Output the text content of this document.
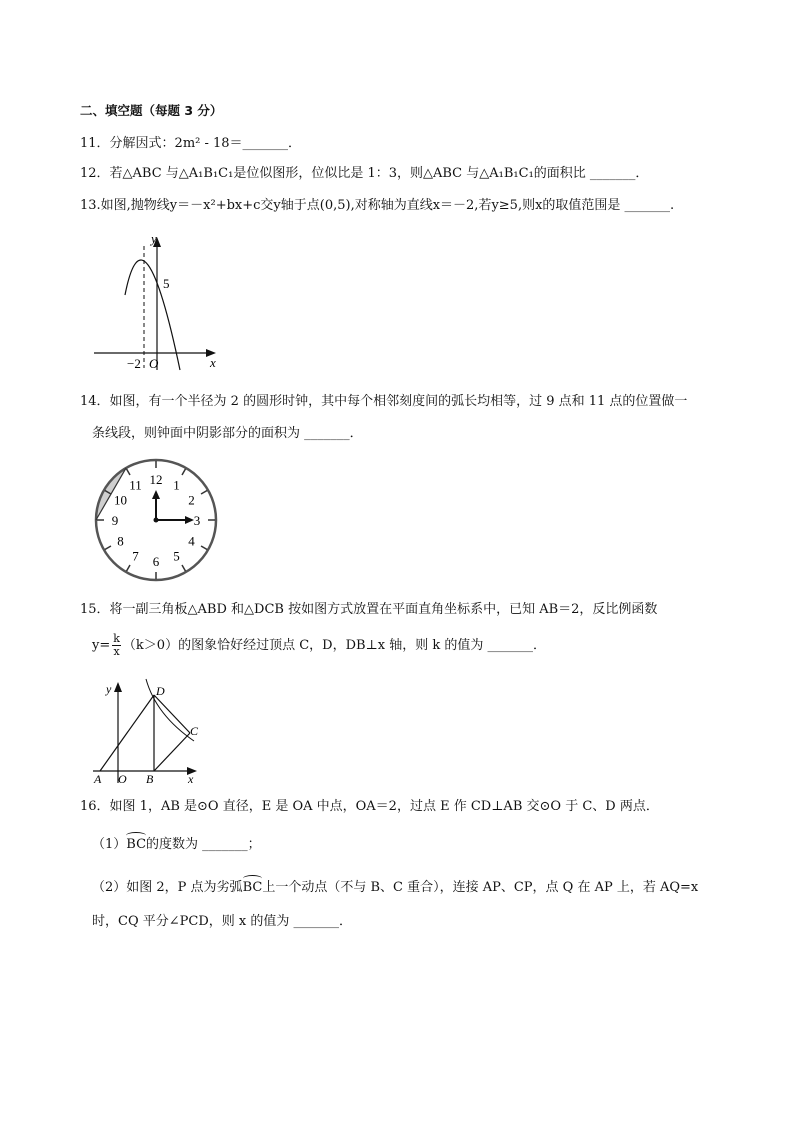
二、填空题（每题 3 分）
11．分解因式：2m² - 18＝_______．
12．若△ABC 与△A₁B₁C₁是位似图形，位似比是 1：3，则△ABC 与△A₁B₁C₁的面积比 _______．
13.如图,抛物线y＝－x²+bx+c交y轴于点(0,5),对称轴为直线x＝－2,若y≥5,则x的取值范围是 _______.
y
x
5
−2 O
14．如图，有一个半径为 2 的圆形时钟，其中每个相邻刻度间的弧长均相等，过 9 点和 11 点的位置做一
条线段，则钟面中阴影部分的面积为 _______．
12 1
2
3
4
5
6
7
8
9
10
11
15．将一副三角板△ABD 和△DCB 按如图方式放置在平面直角坐标系中，已知 AB＝2，反比例函数
$y= \frac{k}{x} (k>0)$的图象恰好经过顶点 C，D，DB⊥x 轴，则 k 的值为 _______．
y
x
A O B
C
D
16．如图 1，AB 是⊙O 直径，E 是 OA 中点，OA＝2，过点 E 作 CD⊥AB 交⊙O 于 C、D 两点．
（1）BC的度数为 _______；
（2）如图 2，P 点为劣弧BC上一个动点（不与 B、C 重合），连接 AP、CP，点 Q 在 AP 上，若 AQ=x
时，CQ 平分∠PCD，则 x 的值为 _______．
